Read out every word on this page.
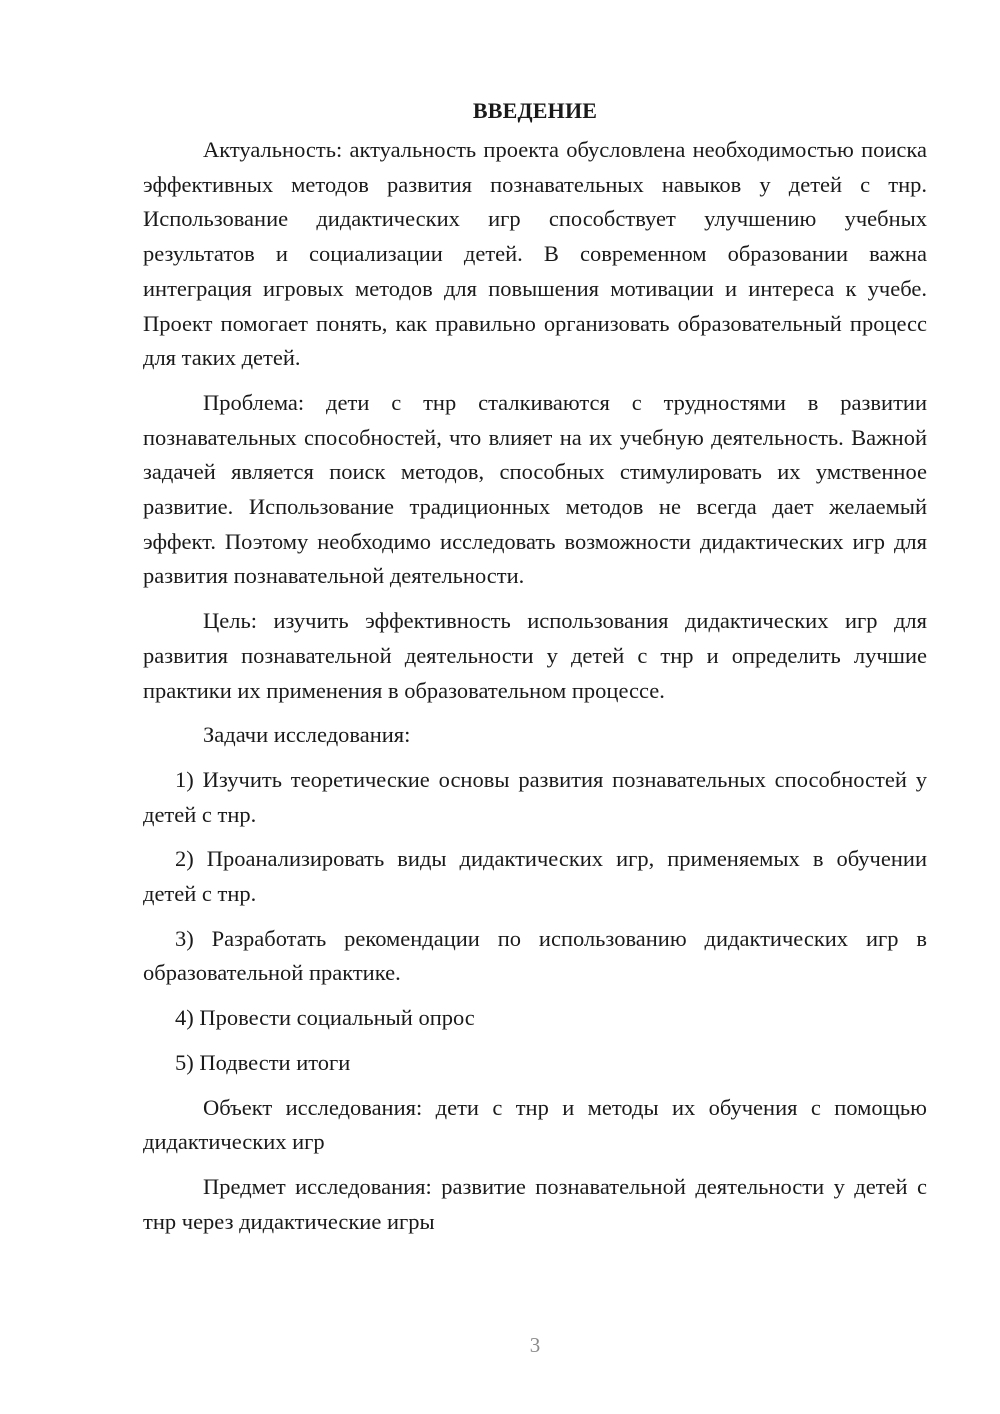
ВВЕДЕНИЕ

Актуальность: актуальность проекта обусловлена необходимостью поиска эффективных методов развития познавательных навыков у детей с тнр. Использование дидактических игр способствует улучшению учебных результатов и социализации детей. В современном образовании важна интеграция игровых методов для повышения мотивации и интереса к учебе. Проект помогает понять, как правильно организовать образовательный процесс для таких детей.

Проблема: дети с тнр сталкиваются с трудностями в развитии познавательных способностей, что влияет на их учебную деятельность. Важной задачей является поиск методов, способных стимулировать их умственное развитие. Использование традиционных методов не всегда дает желаемый эффект. Поэтому необходимо исследовать возможности дидактических игр для развития познавательной деятельности.

Цель: изучить эффективность использования дидактических игр для развития познавательной деятельности у детей с тнр и определить лучшие практики их применения в образовательном процессе.

Задачи исследования:

1) Изучить теоретические основы развития познавательных способностей у детей с тнр.

2) Проанализировать виды дидактических игр, применяемых в обучении детей с тнр.

3) Разработать рекомендации по использованию дидактических игр в образовательной практике.

4) Провести социальный опрос

5) Подвести итоги

Объект исследования: дети с тнр и методы их обучения с помощью дидактических игр

Предмет исследования: развитие познавательной деятельности у детей с тнр через дидактические игры

3
